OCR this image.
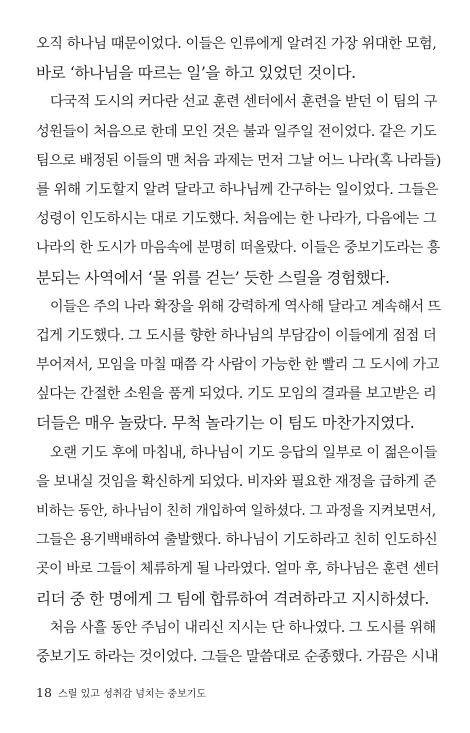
오직 하나님 때문이었다. 이들은 인류에게 알려진 가장 위대한 모험,
바로 ‘하나님을 따르는 일’을 하고 있었던 것이다.
다국적 도시의 커다란 선교 훈련 센터에서 훈련을 받던 이 팀의 구
성원들이 처음으로 한데 모인 것은 불과 일주일 전이었다. 같은 기도
팀으로 배정된 이들의 맨 처음 과제는 먼저 그날 어느 나라(혹 나라들)
를 위해 기도할지 알려 달라고 하나님께 간구하는 일이었다. 그들은
성령이 인도하시는 대로 기도했다. 처음에는 한 나라가, 다음에는 그
나라의 한 도시가 마음속에 분명히 떠올랐다. 이들은 중보기도라는 흥
분되는 사역에서 ‘물 위를 걷는’ 듯한 스릴을 경험했다.
이들은 주의 나라 확장을 위해 강력하게 역사해 달라고 계속해서 뜨
겁게 기도했다. 그 도시를 향한 하나님의 부담감이 이들에게 점점 더
부어져서, 모임을 마칠 때쯤 각 사람이 가능한 한 빨리 그 도시에 가고
싶다는 간절한 소원을 품게 되었다. 기도 모임의 결과를 보고받은 리
더들은 매우 놀랐다. 무척 놀라기는 이 팀도 마찬가지였다.
오랜 기도 후에 마침내, 하나님이 기도 응답의 일부로 이 젊은이들
을 보내실 것임을 확신하게 되었다. 비자와 필요한 재정을 급하게 준
비하는 동안, 하나님이 친히 개입하여 일하셨다. 그 과정을 지켜보면서,
그들은 용기백배하여 출발했다. 하나님이 기도하라고 친히 인도하신
곳이 바로 그들이 체류하게 될 나라였다. 얼마 후, 하나님은 훈련 센터
리더 중 한 명에게 그 팀에 합류하여 격려하라고 지시하셨다.
처음 사흘 동안 주님이 내리신 지시는 단 하나였다. 그 도시를 위해
중보기도 하라는 것이었다. 그들은 말씀대로 순종했다. 가끔은 시내
18 스릴 있고 성취감 넘치는 중보기도
